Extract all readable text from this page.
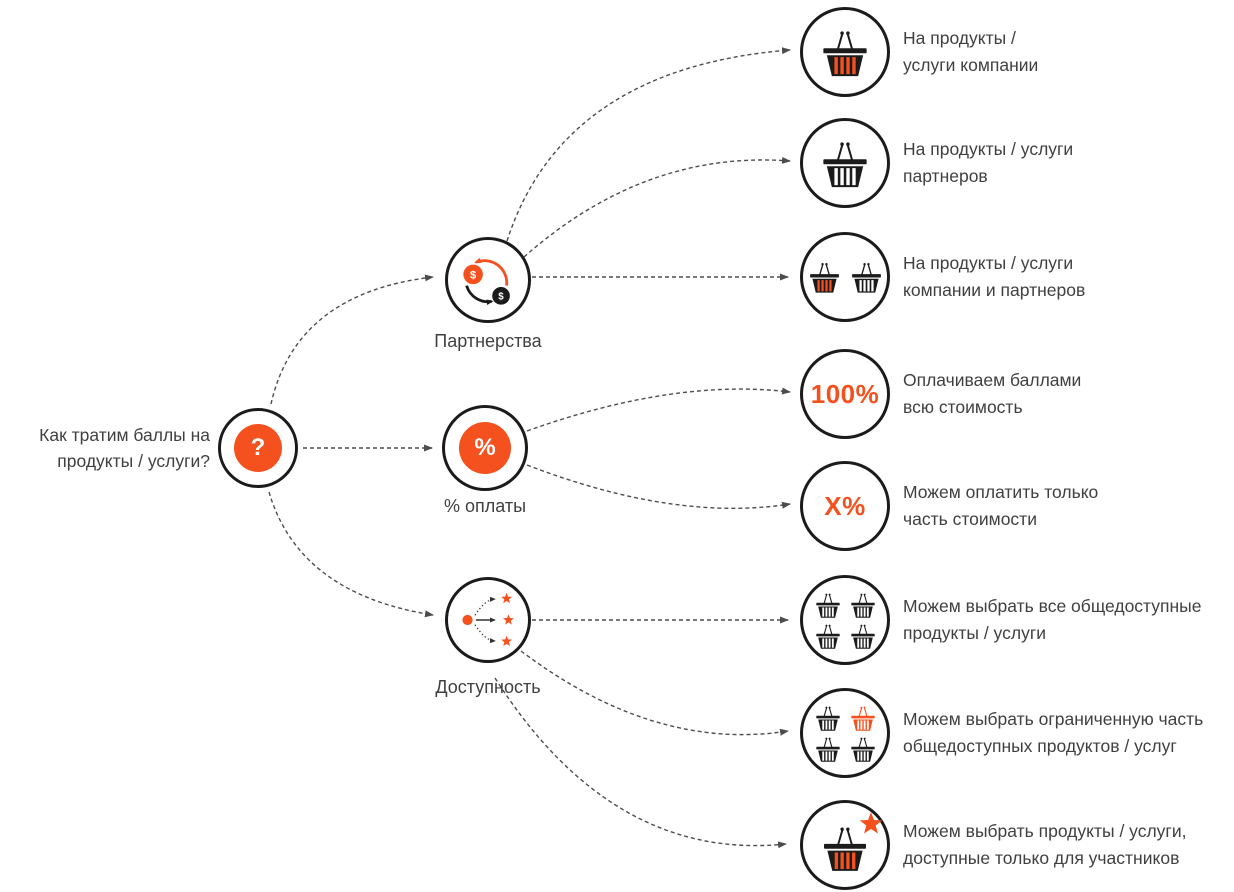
Как тратим баллы на
продукты / услуги? ?
$
$
Партнерства
%
% оплаты
Доступность
На продукты /
услуги компании
На продукты / услуги
партнеров
На продукты / услуги
компании и партнеров
100% Оплачиваем баллами
всю стоимость
X% Можем оплатить только
часть стоимости
Можем выбрать все общедоступные
продукты / услуги
Можем выбрать ограниченную часть
общедоступных продуктов / услуг
Можем выбрать продукты / услуги,
доступные только для участников
